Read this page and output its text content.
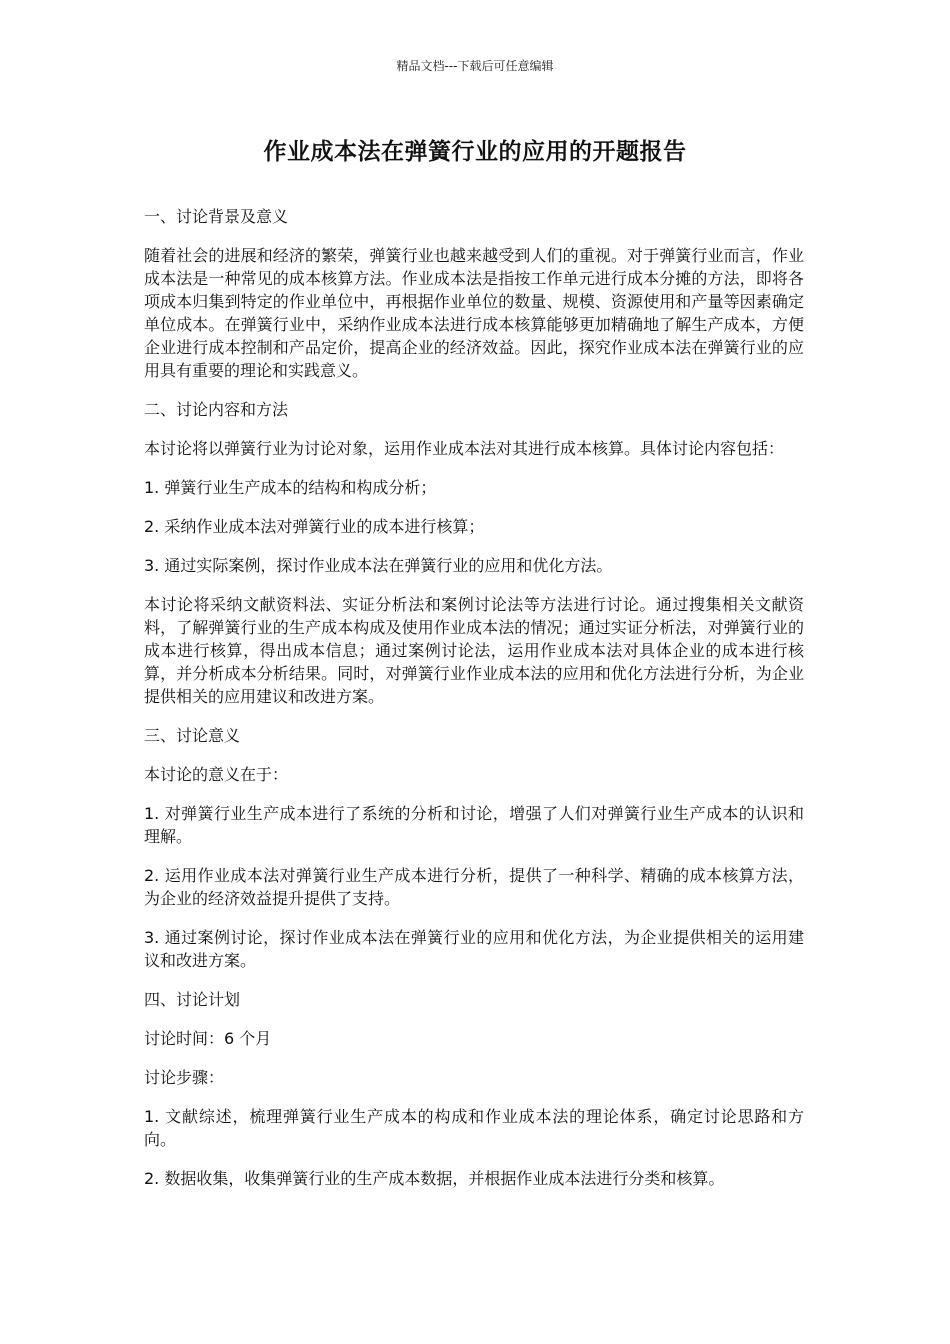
精品文档---下载后可任意编辑
作业成本法在弹簧行业的应用的开题报告

一、讨论背景及意义

随着社会的进展和经济的繁荣，弹簧行业也越来越受到人们的重视。对于弹簧行业而言，作业成本法是一种常见的成本核算方法。作业成本法是指按工作单元进行成本分摊的方法，即将各项成本归集到特定的作业单位中，再根据作业单位的数量、规模、资源使用和产量等因素确定单位成本。在弹簧行业中，采纳作业成本法进行成本核算能够更加精确地了解生产成本，方便企业进行成本控制和产品定价，提高企业的经济效益。因此，探究作业成本法在弹簧行业的应用具有重要的理论和实践意义。

二、讨论内容和方法

本讨论将以弹簧行业为讨论对象，运用作业成本法对其进行成本核算。具体讨论内容包括：

1. 弹簧行业生产成本的结构和构成分析；

2. 采纳作业成本法对弹簧行业的成本进行核算；

3. 通过实际案例，探讨作业成本法在弹簧行业的应用和优化方法。

本讨论将采纳文献资料法、实证分析法和案例讨论法等方法进行讨论。通过搜集相关文献资料，了解弹簧行业的生产成本构成及使用作业成本法的情况；通过实证分析法，对弹簧行业的成本进行核算，得出成本信息；通过案例讨论法，运用作业成本法对具体企业的成本进行核算，并分析成本分析结果。同时，对弹簧行业作业成本法的应用和优化方法进行分析，为企业提供相关的应用建议和改进方案。

三、讨论意义

本讨论的意义在于：

1. 对弹簧行业生产成本进行了系统的分析和讨论，增强了人们对弹簧行业生产成本的认识和理解。

2. 运用作业成本法对弹簧行业生产成本进行分析，提供了一种科学、精确的成本核算方法，为企业的经济效益提升提供了支持。

3. 通过案例讨论，探讨作业成本法在弹簧行业的应用和优化方法，为企业提供相关的运用建议和改进方案。

四、讨论计划

讨论时间：6 个月

讨论步骤：

1. 文献综述，梳理弹簧行业生产成本的构成和作业成本法的理论体系，确定讨论思路和方向。

2. 数据收集，收集弹簧行业的生产成本数据，并根据作业成本法进行分类和核算。
